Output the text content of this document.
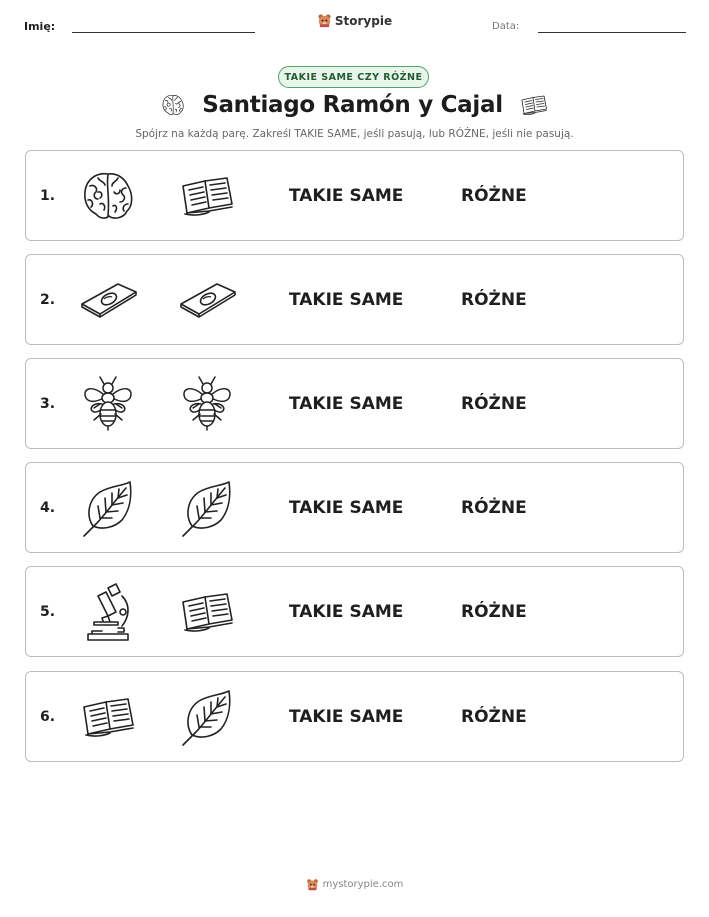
Imię:	Storypie	Data:
TAKIE SAME CZY RÓŻNE
Santiago Ramón y Cajal
Spójrz na każdą parę. Zakreśl TAKIE SAME, jeśli pasują, lub RÓŻNE, jeśli nie pasują.
1.	TAKIE SAME	RÓŻNE
2.	TAKIE SAME	RÓŻNE
3.	TAKIE SAME	RÓŻNE
4.	TAKIE SAME	RÓŻNE
5.	TAKIE SAME	RÓŻNE
6.	TAKIE SAME	RÓŻNE
mystorypie.com
